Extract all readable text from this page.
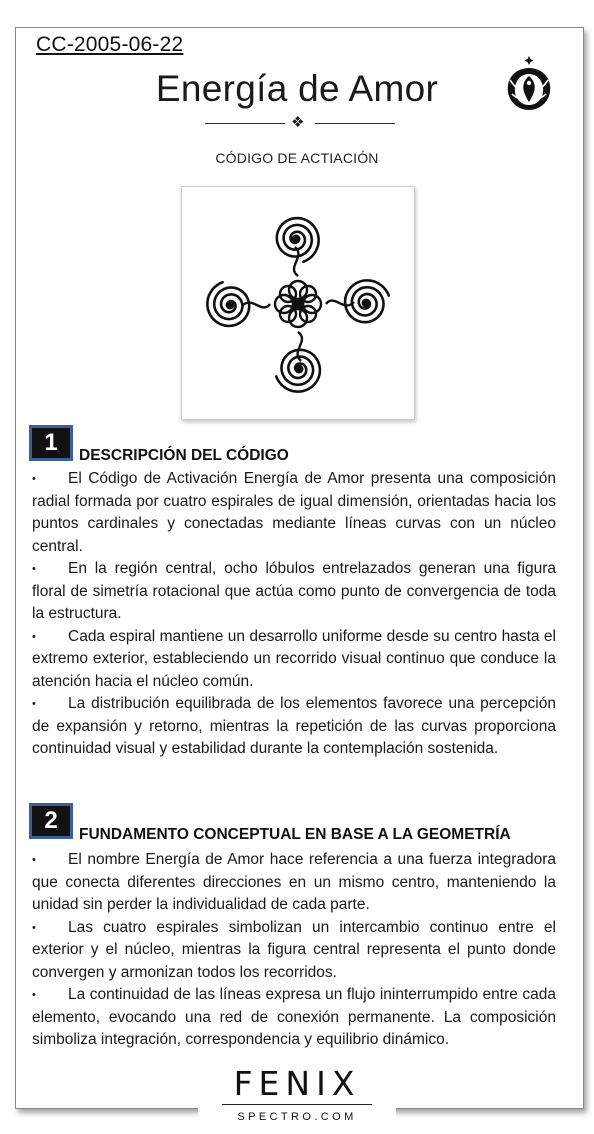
CC-2005-06-22
Energía de Amor
❖
CÓDIGO DE ACTIACIÓN
1	DESCRIPCIÓN DEL CÓDIGO

• El Código de Activación Energía de Amor presenta una composición radial formada por cuatro espirales de igual dimensión, orientadas hacia los puntos cardinales y conectadas mediante líneas curvas con un núcleo central.

• En la región central, ocho lóbulos entrelazados generan una figura floral de simetría rotacional que actúa como punto de convergencia de toda la estructura.

• Cada espiral mantiene un desarrollo uniforme desde su centro hasta el extremo exterior, estableciendo un recorrido visual continuo que conduce la atención hacia el núcleo común.

• La distribución equilibrada de los elementos favorece una percepción de expansión y retorno, mientras la repetición de las curvas proporciona continuidad visual y estabilidad durante la contemplación sostenida.

2
FUNDAMENTO CONCEPTUAL EN BASE A LA GEOMETRÍA

• El nombre Energía de Amor hace referencia a una fuerza integradora que conecta diferentes direcciones en un mismo centro, manteniendo la unidad sin perder la individualidad de cada parte.

• Las cuatro espirales simbolizan un intercambio continuo entre el exterior y el núcleo, mientras la figura central representa el punto donde convergen y armonizan todos los recorridos.

• La continuidad de las líneas expresa un flujo ininterrumpido entre cada elemento, evocando una red de conexión permanente. La composición simboliza integración, correspondencia y equilibrio dinámico.

FENIX
SPECTRO.COM
